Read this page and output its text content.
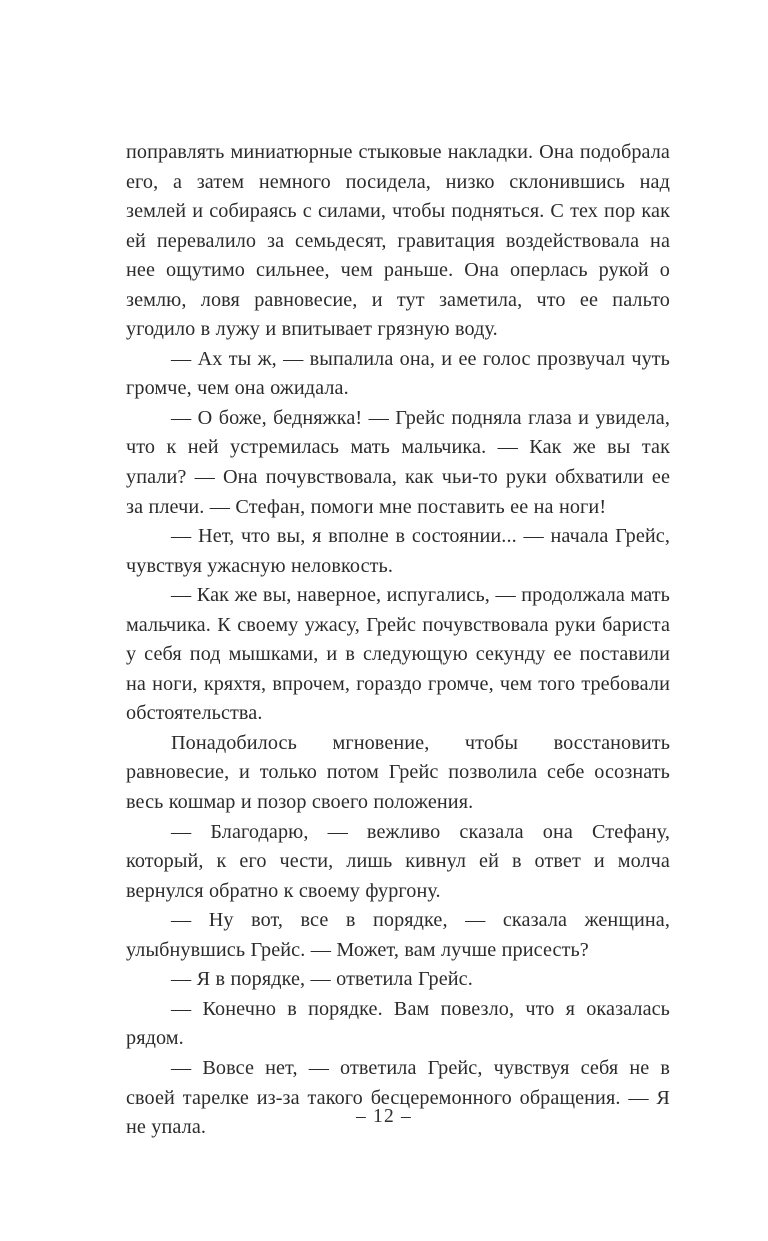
поправлять миниатюрные стыковые накладки. Она подобрала его, а затем немного посидела, низко склонившись над землей и собираясь с силами, чтобы подняться. С тех пор как ей перевалило за семьдесят, гравитация воздействовала на нее ощутимо сильнее, чем раньше. Она оперлась рукой о землю, ловя равновесие, и тут заметила, что ее пальто угодило в лужу и впитывает грязную воду.

— Ах ты ж, — выпалила она, и ее голос прозвучал чуть громче, чем она ожидала.

— О боже, бедняжка! — Грейс подняла глаза и увидела, что к ней устремилась мать мальчика. — Как же вы так упали? — Она почувствовала, как чьи-то руки обхватили ее за плечи. — Стефан, помоги мне поставить ее на ноги!

— Нет, что вы, я вполне в состоянии... — начала Грейс, чувствуя ужасную неловкость.

— Как же вы, наверное, испугались, — продолжала мать мальчика. К своему ужасу, Грейс почувствовала руки бариста у себя под мышками, и в следующую секунду ее поставили на ноги, кряхтя, впрочем, гораздо громче, чем того требовали обстоятельства.

Понадобилось мгновение, чтобы восстановить равновесие, и только потом Грейс позволила себе осознать весь кошмар и позор своего положения.

— Благодарю, — вежливо сказала она Стефану, который, к его чести, лишь кивнул ей в ответ и молча вернулся обратно к своему фургону.

— Ну вот, все в порядке, — сказала женщина, улыбнувшись Грейс. — Может, вам лучше присесть?

— Я в порядке, — ответила Грейс.

— Конечно в порядке. Вам повезло, что я оказалась рядом.

— Вовсе нет, — ответила Грейс, чувствуя себя не в своей тарелке из-за такого бесцеремонного обращения. — Я не упала.	– 12 –
